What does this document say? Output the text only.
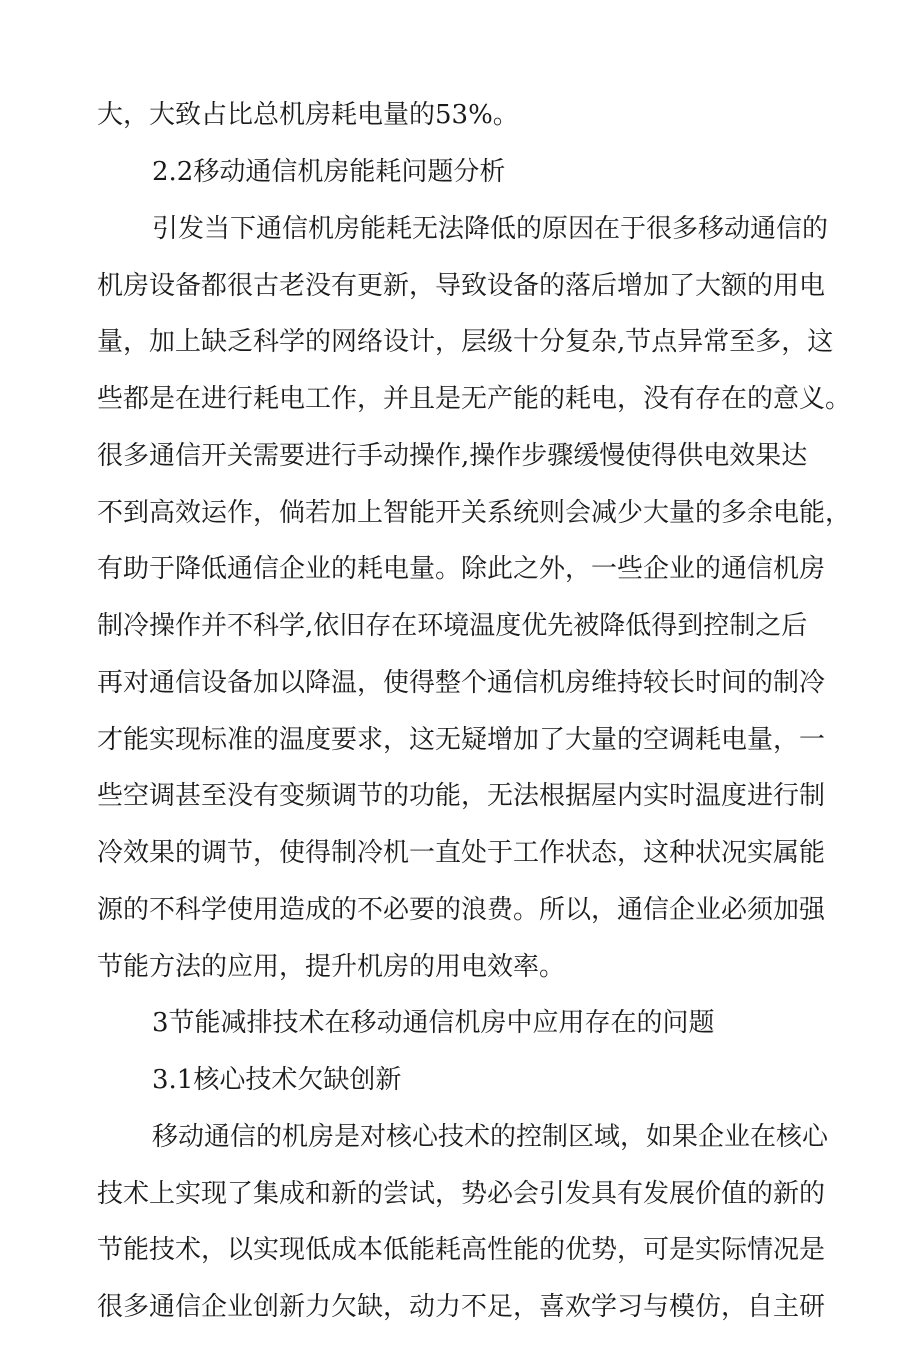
大，大致占比总机房耗电量的53%。
2.2移动通信机房能耗问题分析
引发当下通信机房能耗无法降低的原因在于很多移动通信的
机房设备都很古老没有更新，导致设备的落后增加了大额的用电
量，加上缺乏科学的网络设计，层级十分复杂,节点异常至多，这
些都是在进行耗电工作，并且是无产能的耗电，没有存在的意义。
很多通信开关需要进行手动操作,操作步骤缓慢使得供电效果达
不到高效运作，倘若加上智能开关系统则会减少大量的多余电能，
有助于降低通信企业的耗电量。除此之外，一些企业的通信机房
制冷操作并不科学,依旧存在环境温度优先被降低得到控制之后
再对通信设备加以降温，使得整个通信机房维持较长时间的制冷
才能实现标准的温度要求，这无疑增加了大量的空调耗电量，一
些空调甚至没有变频调节的功能，无法根据屋内实时温度进行制
冷效果的调节，使得制冷机一直处于工作状态，这种状况实属能
源的不科学使用造成的不必要的浪费。所以，通信企业必须加强
节能方法的应用，提升机房的用电效率。
3节能减排技术在移动通信机房中应用存在的问题
3.1核心技术欠缺创新
移动通信的机房是对核心技术的控制区域，如果企业在核心
技术上实现了集成和新的尝试，势必会引发具有发展价值的新的
节能技术，以实现低成本低能耗高性能的优势，可是实际情况是
很多通信企业创新力欠缺，动力不足，喜欢学习与模仿，自主研
